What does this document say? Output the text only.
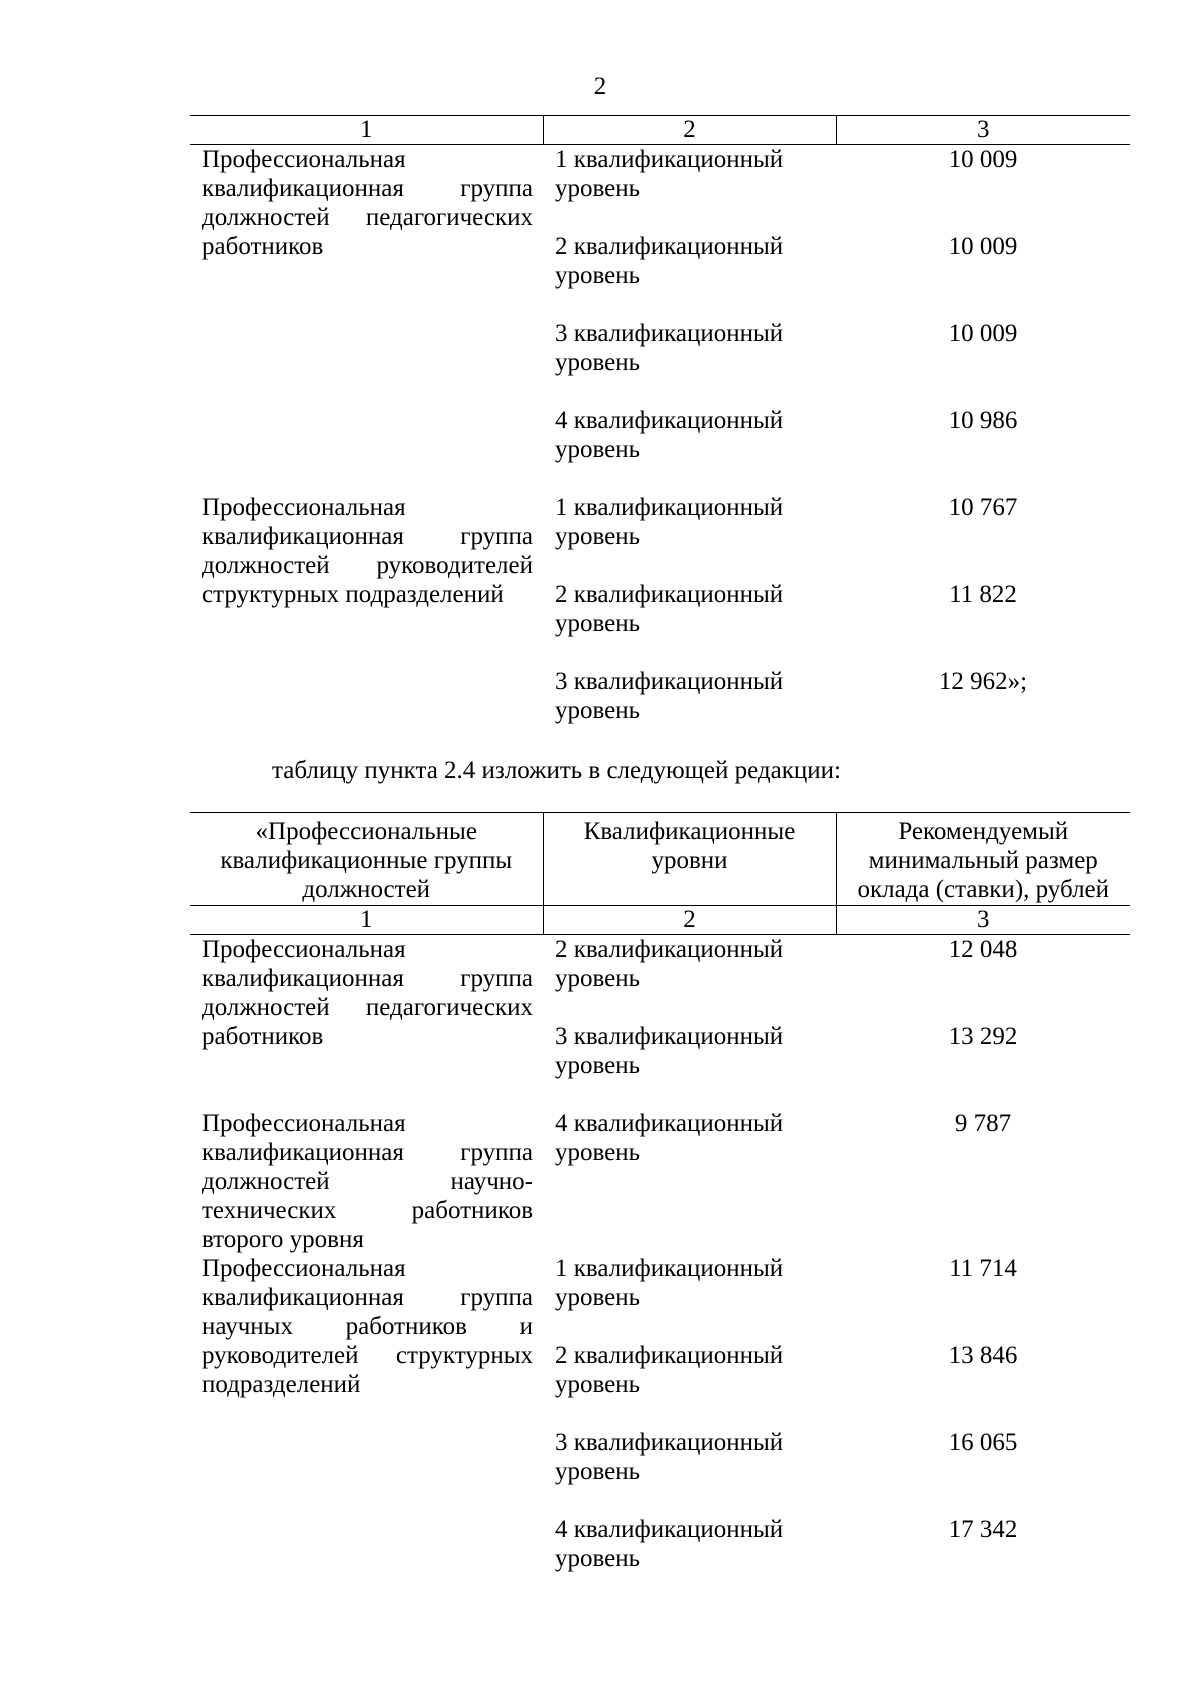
2
1	2	3
Профессиональная квалификационная группа должностей педагогических работников	1 квалификационный уровень	10 009
	2 квалификационный уровень	10 009
	3 квалификационный уровень	10 009
	4 квалификационный уровень	10 986
Профессиональная квалификационная группа должностей руководителей структурных подразделений	1 квалификационный уровень	10 767
	2 квалификационный уровень	11 822
	3 квалификационный уровень	12 962»;
таблицу пункта 2.4 изложить в следующей редакции:
«Профессиональные квалификационные группы должностей	Квалификационные уровни	Рекомендуемый минимальный размер оклада (ставки), рублей
1	2	3
Профессиональная квалификационная группа должностей педагогических работников	2 квалификационный уровень	12 048
	3 квалификационный уровень	13 292
Профессиональная квалификационная группа должностей научно-технических работников второго уровня	4 квалификационный уровень	9 787
Профессиональная квалификационная группа научных работников и руководителей структурных подразделений	1 квалификационный уровень	11 714
	2 квалификационный уровень	13 846
	3 квалификационный уровень	16 065
	4 квалификационный уровень	17 342
